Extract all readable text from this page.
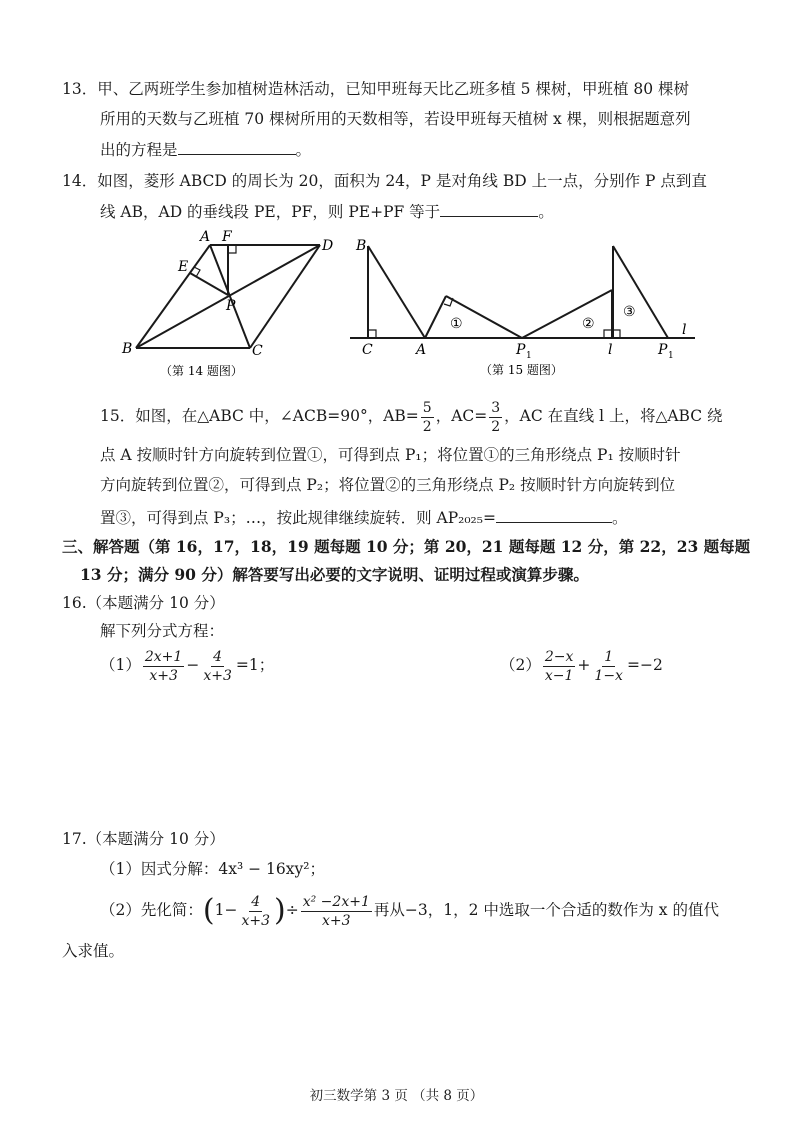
13．甲、乙两班学生参加植树造林活动，已知甲班每天比乙班多植 5 棵树，甲班植 80 棵树
所用的天数与乙班植 70 棵树所用的天数相等，若设甲班每天植树 x 棵，则根据题意列
出的方程是	。
14．如图，菱形 ABCD 的周长为 20，面积为 24，P 是对角线 BD 上一点，分别作 P 点到直
线 AB，AD 的垂线段 PE，PF，则 PE+PF 等于	。
A F
D
E
P
B	C
（第 14 题图）
B
C	A	P 1	l	P 1
l
①	②
③
（第 15 题图）
15．如图，在△ABC 中，∠ACB=90°，$AB= \frac{5}{2}$ ，$AC= \frac{3}{2}$ ，AC 在直线 l 上，将△ABC 绕
点 A 按顺时针方向旋转到位置①，可得到点 P₁；将位置①的三角形绕点 P₁ 按顺时针
方向旋转到位置②，可得到点 P₂；将位置②的三角形绕点 P₂ 按顺时针方向旋转到位
置③，可得到点 P₃；…，按此规律继续旋转．则 AP₂₀₂₅=	。
三、解答题（第 16，17，18，19 题每题 10 分；第 20，21 题每题 12 分，第 22，23 题每题
13 分；满分 90 分）解答要写出必要的文字说明、证明过程或演算步骤。
16.（本题满分 10 分）
解下列分式方程：
$(1) \frac{2x+1}{x+3} - \frac{4}{x+3} =1$；	$(2) \frac{2-x}{x-1} + \frac{1}{1-x} =-2$
17.（本题满分 10 分）
（1）因式分解：4x³ − 16xy²；
（2）先化简：($1- \frac{4}{x+3}$ )÷ $\frac{\text{x² −2x+1}}{x+3}$ 再从−3，1，2 中选取一个合适的数作为 x 的值代
入求值。
初三数学第 3 页 （共 8 页）
